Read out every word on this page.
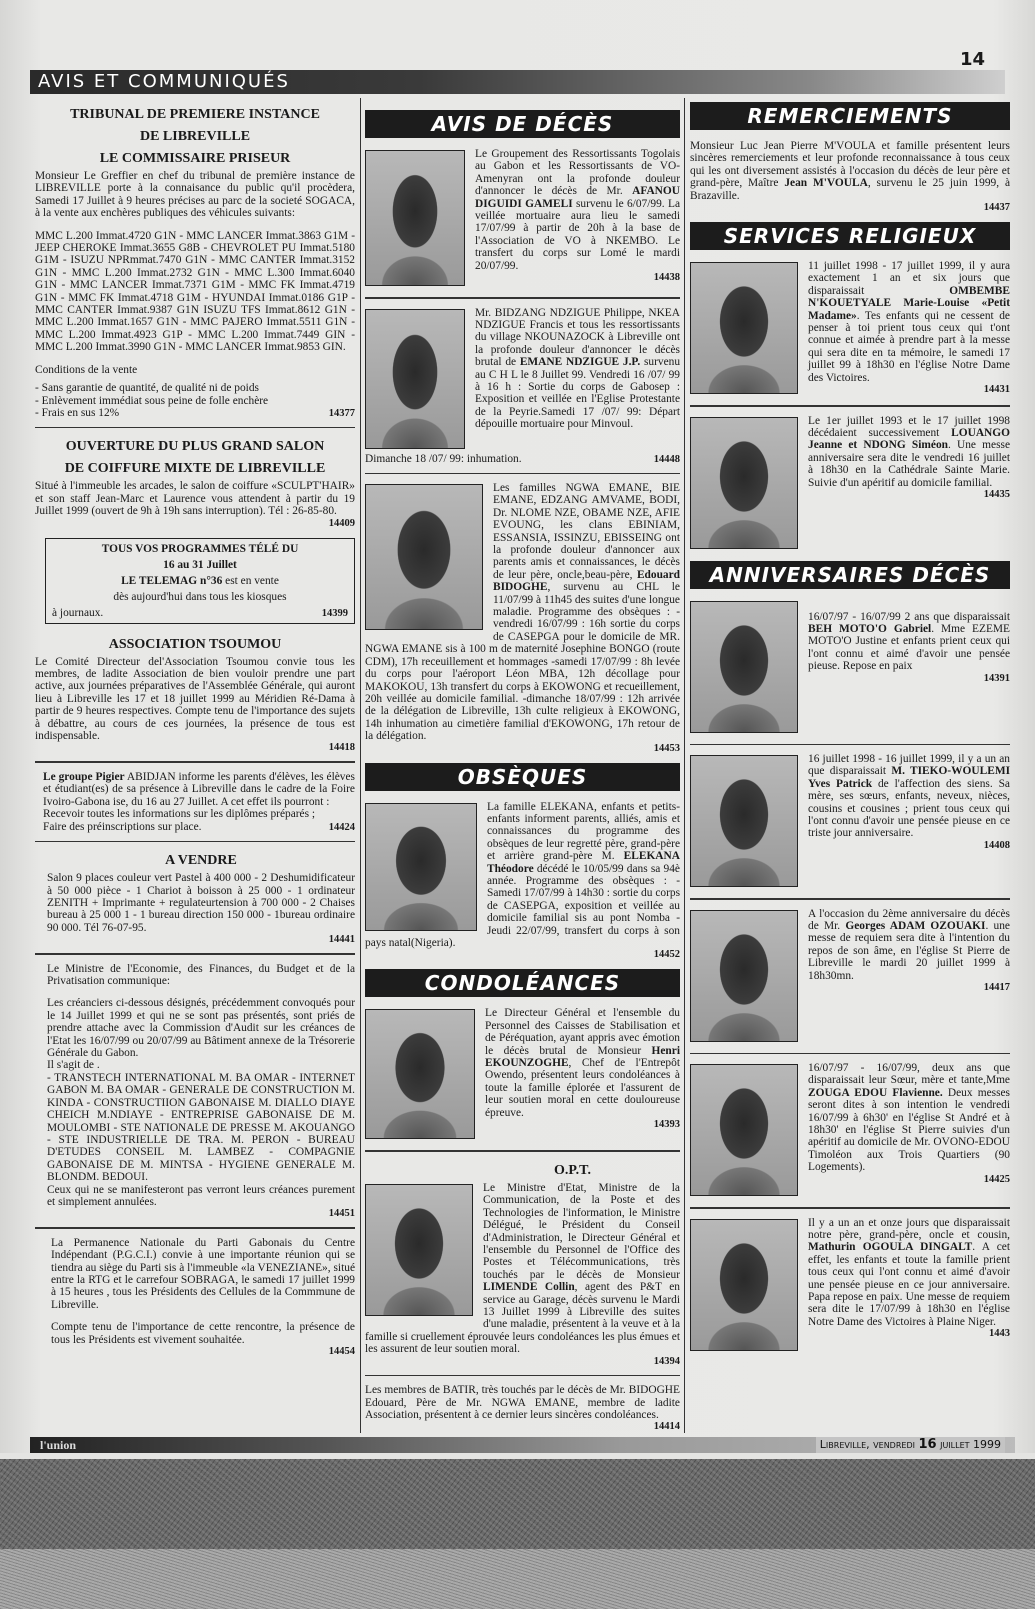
AVIS ET COMMUNIQUÉS
14
TRIBUNAL DE PREMIERE INSTANCE
DE LIBREVILLE
LE COMMISSAIRE PRISEUR

Monsieur Le Greffier en chef du tribunal de première instance de LIBREVILLE porte à la connaisance du public qu'il procèdera, Samedi 17 Juillet à 9 heures précises au parc de la societé SOGACA, à la vente aux enchères publiques des véhicules suivants:

MMC L.200 Immat.4720 G1N - MMC LANCER Immat.3863 G1M - JEEP CHEROKE Immat.3655 G8B - CHEVROLET PU Immat.5180 G1M - ISUZU NPRmmat.7470 G1N - MMC CANTER Immat.3152 G1N - MMC L.200 Immat.2732 G1N - MMC L.300 Immat.6040 G1N - MMC LANCER Immat.7371 G1M - MMC FK Immat.4719 G1N - MMC FK Immat.4718 G1M - HYUNDAI Immat.0186 G1P - MMC CANTER Immat.9387 G1N ISUZU TFS Immat.8612 G1N - MMC L.200 Immat.1657 G1N - MMC PAJERO Immat.5511 G1N - MMC L.200 Immat.4923 G1P - MMC L.200 Immat.7449 GIN - MMC L.200 Immat.3990 G1N - MMC LANCER Immat.9853 GIN.

Conditions de la vente

- Sans garantie de quantité, de qualité ni de poids

- Enlèvement immédiat sous peine de folle enchère

- Frais en sus 12%	14377
OUVERTURE DU PLUS GRAND SALON
DE COIFFURE MIXTE DE LIBREVILLE

Situé à l'immeuble les arcades, le salon de coiffure «SCULPT'HAIR» et son staff Jean-Marc et Laurence vous attendent à partir du 19 Juillet 1999 (ouvert de 9h à 19h sans interruption). Tél : 26-85-80.

14409
TOUS VOS PROGRAMMES TÉLÉ DU
16 au 31 Juillet
LE TELEMAG n°36 est en vente
dès aujourd'hui dans tous les kiosques
à journaux.	14399
ASSOCIATION TSOUMOU

Le Comité Directeur del'Association Tsoumou convie tous les membres, de ladite Association de bien vouloir prendre une part active, aux journées préparatives de l'Assemblée Générale, qui auront lieu à Libreville les 17 et 18 juillet 1999 au Méridien Ré-Dama à partir de 9 heures respectives. Compte tenu de l'importance des sujets à débattre, au cours de ces journées, la présence de tous est indispensable.

14418

Le groupe Pigier ABIDJAN informe les parents d'élèves, les élèves et étudiant(es) de sa présence à Libreville dans le cadre de la Foire Ivoiro-Gabona ise, du 16 au 27 Juillet. A cet effet ils pourront :

Recevoir toutes les informations sur les diplômes préparés ;

Faire des préinscriptions sur place.	14424
A VENDRE

Salon 9 places couleur vert Pastel à 400 000 - 2 Deshumidificateur à 50 000 pièce - 1 Chariot à boisson à 25 000 - 1 ordinateur ZENITH + Imprimante + regulateurtension à 700 000 - 2 Chaises bureau à 25 000 1 - 1 bureau direction 150 000 - 1bureau ordinaire 90 000. Tél 76-07-95.

14441

Le Ministre de l'Economie, des Finances, du Budget et de la Privatisation communique:

Les créanciers ci-dessous désignés, précédemment convoqués pour le 14 Juillet 1999 et qui ne se sont pas présentés, sont priés de prendre attache avec la Commission d'Audit sur les créances de l'Etat les 16/07/99 ou 20/07/99 au Bâtiment annexe de la Trésorerie Générale du Gabon.

Il s'agit de .

- TRANSTECH INTERNATIONAL M. BA OMAR - INTERNET GABON M. BA OMAR - GENERALE DE CONSTRUCTION M. KINDA - CONSTRUCTIION GABONAISE M. DIALLO DIAYE CHEICH M.NDIAYE - ENTREPRISE GABONAISE DE M. MOULOMBI - STE NATIONALE DE PRESSE M. AKOUANGO - STE INDUSTRIELLE DE TRA. M. PERON - BUREAU D'ETUDES CONSEIL M. LAMBEZ - COMPAGNIE GABONAISE DE M. MINTSA - HYGIENE GENERALE M. BLONDM. BEDOUI.

Ceux qui ne se manifesteront pas verront leurs créances purement et simplement annulées.

14451

La Permanence Nationale du Parti Gabonais du Centre Indépendant (P.G.C.I.) convie à une importante réunion qui se tiendra au siège du Parti sis à l'immeuble «la VENEZIANE», situé entre la RTG et le carrefour SOBRAGA, le samedi 17 juillet 1999 à 15 heures , tous les Présidents des Cellules de la Commmune de Libreville.

Compte tenu de l'importance de cette rencontre, la présence de tous les Présidents est vivement souhaitée.

14454
AVIS DE DÉCÈS

Le Groupement des Ressortissants Togolais au Gabon et les Ressortissants de VO-Amenyran ont la profonde douleur d'annoncer le décès de Mr. AFANOU DIGUIDI GAMELI survenu le 6/07/99. La veillée mortuaire aura lieu le samedi 17/07/99 à partir de 20h à la base de l'Association de VO à NKEMBO. Le transfert du corps sur Lomé le mardi 20/07/99.

14438

Mr. BIDZANG NDZIGUE Philippe, NKEA NDZIGUE Francis et tous les ressortissants du village NKOUNAZOCK à Libreville ont la profonde douleur d'annoncer le décès brutal de EMANE NDZIGUE J.P. survenu au C H L le 8 Juillet 99. Vendredi 16 /07/ 99 à 16 h : Sortie du corps de Gabosep : Exposition et veillée en l'Eglise Protestante de la Peyrie.Samedi 17 /07/ 99: Départ dépouille mortuaire pour Minvoul.

Dimanche 18 /07/ 99: inhumation.	14448

Les familles NGWA EMANE, BIE EMANE, EDZANG AMVAME, BODI, Dr. NLOME NZE, OBAME NZE, AFIE EVOUNG, les clans EBINIAM, ESSANSIA, ISSINZU, EBISSEING ont la profonde douleur d'annoncer aux parents amis et connaissances, le décès de leur père, oncle,beau-père, Edouard BIDOGHE, survenu au CHL le 11/07/99 à 11h45 des suites d'une longue maladie. Programme des obsèques : - vendredi 16/07/99 : 16h sortie du corps de CASEPGA pour le domicile de MR. NGWA EMANE sis à 100 m de maternité Josephine BONGO (route CDM), 17h receuillement et hommages -samedi 17/07/99 : 8h levée du corps pour l'aéroport Léon MBA, 12h décollage pour MAKOKOU, 13h transfert du corps à EKOWONG et recueillement, 20h veillée au domicile familial. -dimanche 18/07/99 : 12h arrivée de la délégation de Libreville, 13h culte religieux à EKOWONG, 14h inhumation au cimetière familial d'EKOWONG, 17h retour de la délégation.

14453
OBSÈQUES

La famille ELEKANA, enfants et petits-enfants informent parents, alliés, amis et connaissances du programme des obsèques de leur regretté père, grand-père et arrière grand-père M. ELEKANA Théodore décédé le 10/05/99 dans sa 94è année. Programme des obsèques : -Samedi 17/07/99 à 14h30 : sortie du corps de CASEPGA, exposition et veillée au domicile familial sis au pont Nomba -Jeudi 22/07/99, transfert du corps à son pays natal(Nigeria).

14452
CONDOLÉANCES

Le Directeur Général et l'ensemble du Personnel des Caisses de Stabilisation et de Péréquation, ayant appris avec émotion le décès brutal de Monsieur Henri EKOUNZOGHE, Chef de l'Entrepôt Owendo, présentent leurs condoléances à toute la famille éplorée et l'assurent de leur soutien moral en cette douloureuse épreuve.

14393
O.P.T.

Le Ministre d'Etat, Ministre de la Communication, de la Poste et des Technologies de l'information, le Ministre Délégué, le Président du Conseil d'Administration, le Directeur Général et l'ensemble du Personnel de l'Office des Postes et Télécommunications, très touchés par le décès de Monsieur LIMENDE Collin, agent des P&T en service au Garage, décès survenu le Mardi 13 Juillet 1999 à Libreville des suites d'une maladie, présentent à la veuve et à la famille si cruellement éprouvée leurs condoléances les plus émues et les assurent de leur soutien moral.

14394

Les membres de BATIR, très touchés par le décès de Mr. BIDOGHE Edouard, Père de Mr. NGWA EMANE, membre de ladite Association, présentent à ce dernier leurs sincères condoléances.

14414
REMERCIEMENTS

Monsieur Luc Jean Pierre M'VOULA et famille présentent leurs sincères remerciements et leur profonde reconnaissance à tous ceux qui les ont diversement assistés à l'occasion du décès de leur père et grand-père, Maître Jean M'VOULA, survenu le 25 juin 1999, à Brazaville.

14437
SERVICES RELIGIEUX

11 juillet 1998 - 17 juillet 1999, il y aura exactement 1 an et six jours que disparaissait OMBEMBE N'KOUETYALE Marie-Louise «Petit Madame». Tes enfants qui ne cessent de penser à toi prient tous ceux qui t'ont connue et aimée à prendre part à la messe qui sera dite en ta mémoire, le samedi 17 juillet 99 à 18h30 en l'église Notre Dame des Victoires.

14431

Le 1er juillet 1993 et le 17 juillet 1998 décédaient successivement LOUANGO Jeanne et NDONG Siméon. Une messe anniversaire sera dite le vendredi 16 juillet à 18h30 en la Cathédrale Sainte Marie. Suivie d'un apéritif au domicile familial.

14435
ANNIVERSAIRES DÉCÈS

16/07/97 - 16/07/99 2 ans que disparaissait BEH MOTO'O Gabriel. Mme EZEME MOTO'O Justine et enfants prient ceux qui l'ont connu et aimé d'avoir une pensée pieuse. Repose en paix

14391

16 juillet 1998 - 16 juillet 1999, il y a un an que disparaissait M. TIEKO-WOULEMI Yves Patrick de l'affection des siens. Sa mère, ses sœurs, enfants, neveux, nièces, cousins et cousines ; prient tous ceux qui l'ont connu d'avoir une pensée pieuse en ce triste jour anniversaire.

14408

A l'occasion du 2ème anniversaire du décès de Mr. Georges ADAM OZOUAKI. une messe de requiem sera dite à l'intention du repos de son âme, en l'église St Pierre de Libreville le mardi 20 juillet 1999 à 18h30mn.

14417

16/07/97 - 16/07/99, deux ans que disparaissait leur Sœur, mère et tante,Mme ZOUGA EDOU Flavienne. Deux messes seront dites à son intention le vendredi 16/07/99 à 6h30' en l'église St André et à 18h30' en l'église St Pierre suivies d'un apéritif au domicile de Mr. OVONO-EDOU Timoléon aux Trois Quartiers (90 Logements).

14425

Il y a un an et onze jours que disparaissait notre père, grand-père, oncle et cousin, Mathurin OGOULA DINGALT. A cet effet, les enfants et toute la famille prient tous ceux qui l'ont connu et aimé d'avoir une pensée pieuse en ce jour anniversaire. Papa repose en paix. Une messe de requiem sera dite le 17/07/99 à 18h30 en l'église Notre Dame des Victoires à Plaine Niger.

1443
l'union	Libreville, vendredi 16 juillet 1999
